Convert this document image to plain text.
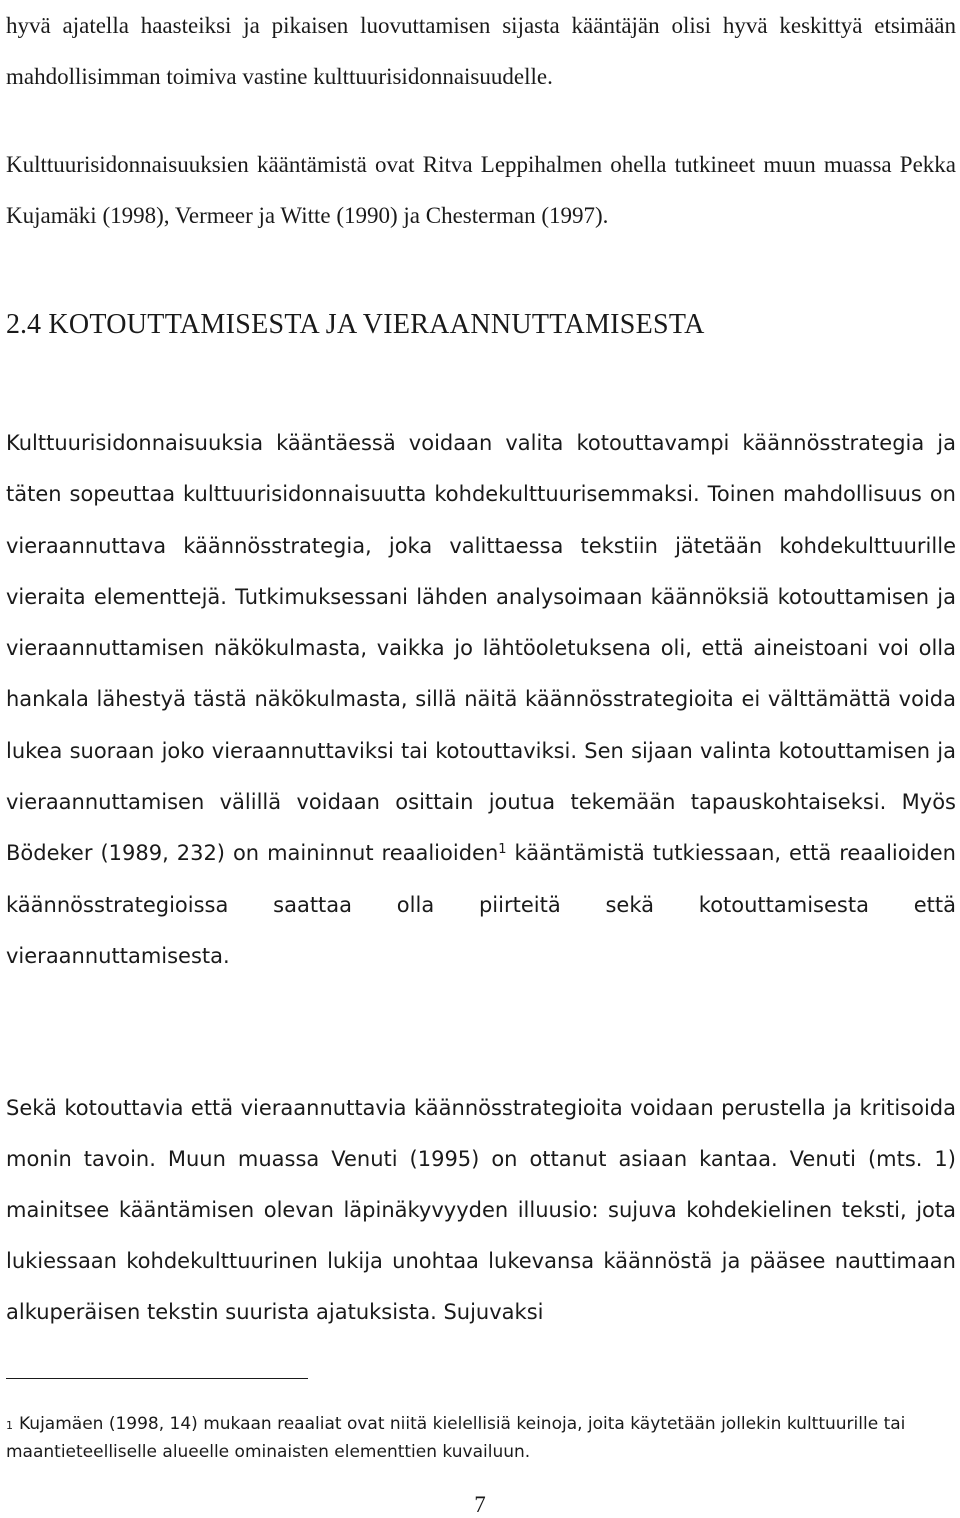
hyvä ajatella haasteiksi ja pikaisen luovuttamisen sijasta kääntäjän olisi hyvä keskittyä etsimään mahdollisimman toimiva vastine kulttuurisidonnaisuudelle.

Kulttuurisidonnaisuuksien kääntämistä ovat Ritva Leppihalmen ohella tutkineet muun muassa Pekka Kujamäki (1998), Vermeer ja Witte (1990) ja Chesterman (1997).

2.4 KOTOUTTAMISESTA JA VIERAANNUTTAMISESTA

Kulttuurisidonnaisuuksia kääntäessä voidaan valita kotouttavampi käännösstrategia ja täten sopeuttaa kulttuurisidonnaisuutta kohdekulttuurisemmaksi. Toinen mahdollisuus on vieraannuttava käännösstrategia, joka valittaessa tekstiin jätetään kohdekulttuurille vieraita elementtejä. Tutkimuksessani lähden analysoimaan käännöksiä kotouttamisen ja vieraannuttamisen näkökulmasta, vaikka jo lähtöoletuksena oli, että aineistoani voi olla hankala lähestyä tästä näkökulmasta, sillä näitä käännösstrategioita ei välttämättä voida lukea suoraan joko vieraannuttaviksi tai kotouttaviksi. Sen sijaan valinta kotouttamisen ja vieraannuttamisen välillä voidaan osittain joutua tekemään tapauskohtaiseksi. Myös Bödeker (1989, 232) on maininnut reaalioiden$^1$ kääntämistä tutkiessaan, että reaalioiden käännösstrategioissa saattaa olla piirteitä sekä kotouttamisesta että vieraannuttamisesta.

Sekä kotouttavia että vieraannuttavia käännösstrategioita voidaan perustella ja kritisoida monin tavoin. Muun muassa Venuti (1995) on ottanut asiaan kantaa. Venuti (mts. 1) mainitsee kääntämisen olevan läpinäkyvyyden illuusio: sujuva kohdekielinen teksti, jota lukiessaan kohdekulttuurinen lukija unohtaa lukevansa käännöstä ja pääsee nauttimaan alkuperäisen tekstin suurista ajatuksista. Sujuvaksi

$^1$ Kujamäen (1998, 14) mukaan reaaliat ovat niitä kielellisiä keinoja, joita käytetään jollekin kulttuurille tai maantieteelliselle alueelle ominaisten elementtien kuvailuun.

7
